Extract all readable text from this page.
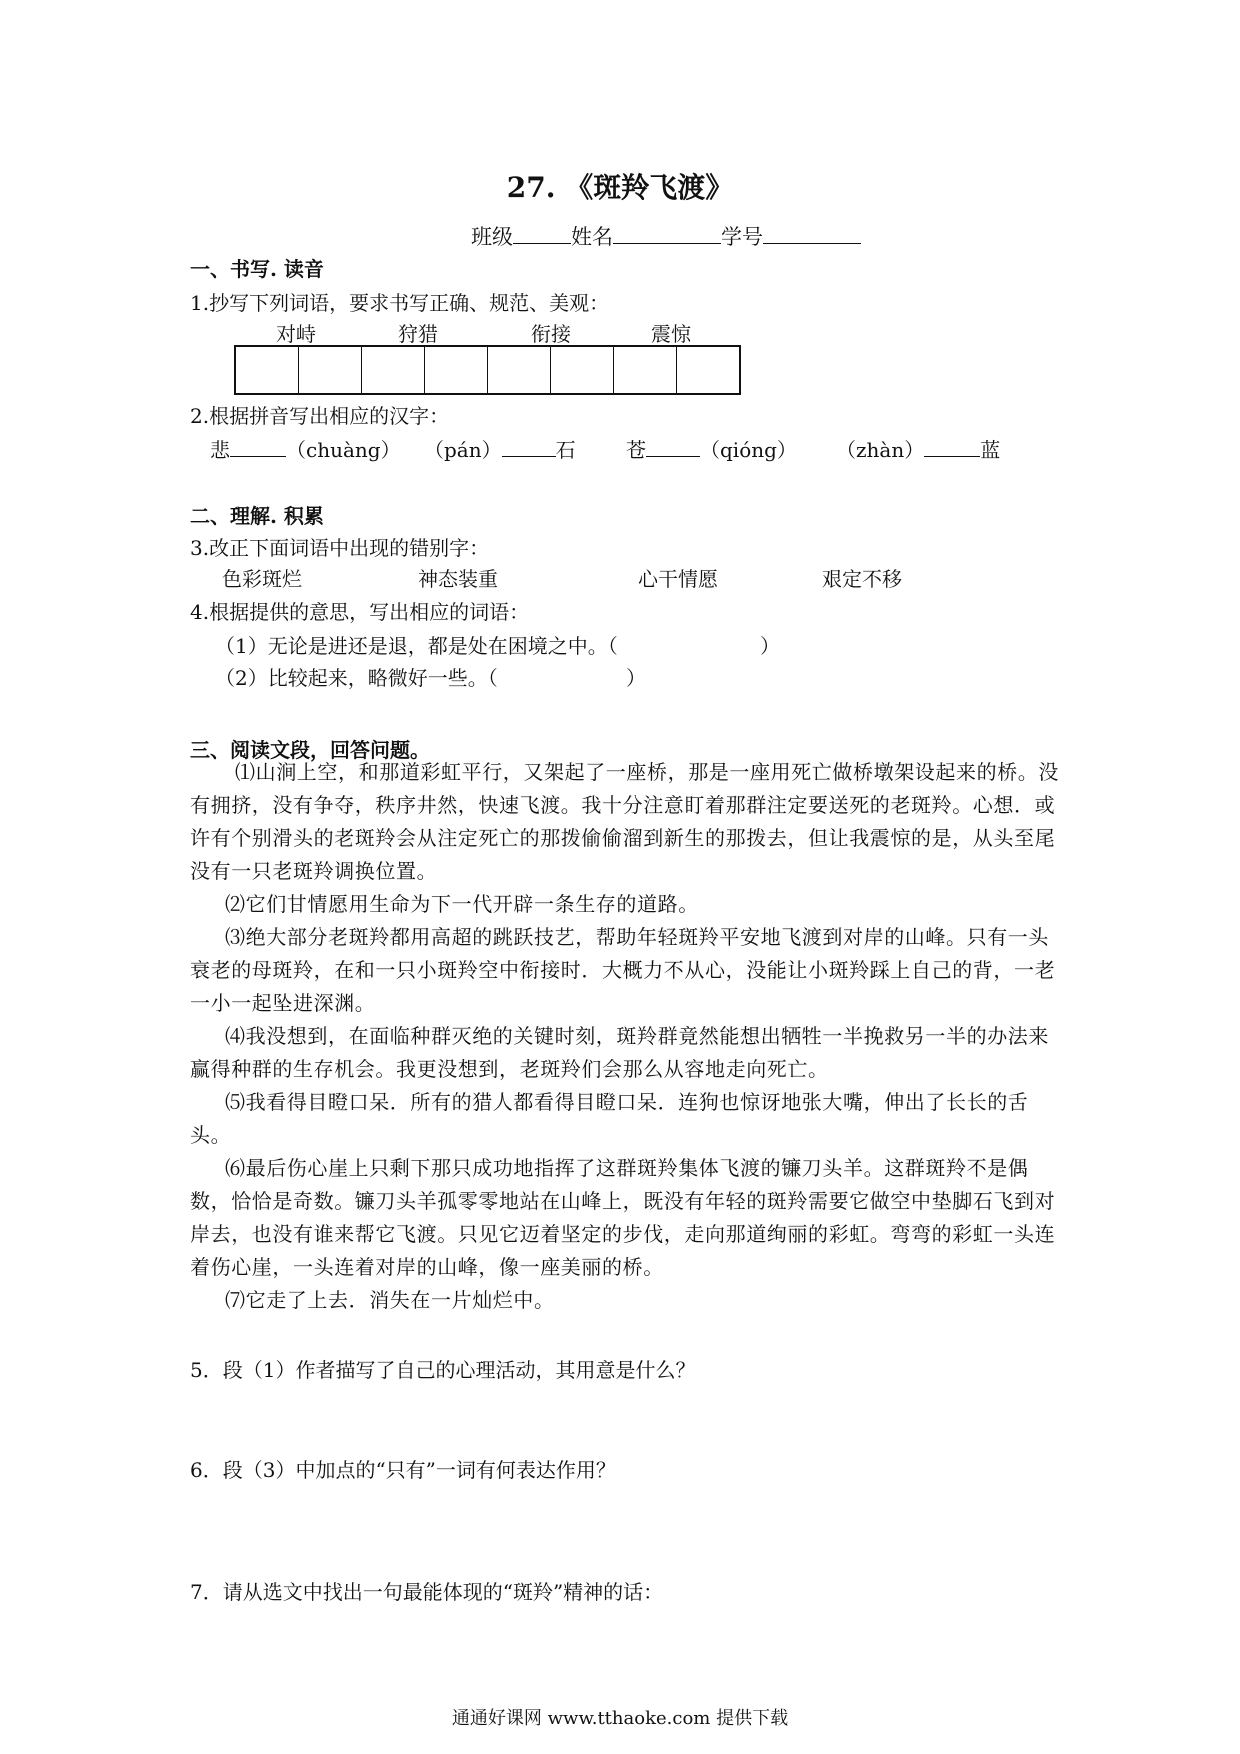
27. 《斑羚飞渡》
班级	姓名	学号
一、书写. 读音
1.抄写下列词语，要求书写正确、规范、美观：
对峙	狩猎	衔接	震惊
2.根据拼音写出相应的汉字：
悲	（chuàng） （pán）	石	苍	（qióng） （zhàn）	蓝
二、理解. 积累
3.改正下面词语中出现的错别字：
色彩斑烂	神态装重	心干情愿	艰定不移
4.根据提供的意思，写出相应的词语：
（1）无论是进还是退，都是处在困境之中。（	）
（2）比较起来，略微好一些。（	）
三、阅读文段，回答问题。
⑴山涧上空，和那道彩虹平行，又架起了一座桥，那是一座用死亡做桥墩架设起来的桥。没有拥挤，没有争夺，秩序井然，快速飞渡。我十分注意盯着那群注定要送死的老斑羚。心想．或许有个别滑头的老斑羚会从注定死亡的那拨偷偷溜到新生的那拨去，但让我震惊的是，从头至尾没有一只老斑羚调换位置。
⑵它们甘情愿用生命为下一代开辟一条生存的道路。
⑶绝大部分老斑羚都用高超的跳跃技艺，帮助年轻斑羚平安地飞渡到对岸的山峰。只有一头衰老的母斑羚，在和一只小斑羚空中衔接时．大概力不从心，没能让小斑羚踩上自己的背，一老一小一起坠进深渊。
⑷我没想到，在面临种群灭绝的关键时刻，斑羚群竟然能想出牺牲一半挽救另一半的办法来赢得种群的生存机会。我更没想到，老斑羚们会那么从容地走向死亡。
⑸我看得目瞪口呆．所有的猎人都看得目瞪口呆．连狗也惊讶地张大嘴，伸出了长长的舌头。
⑹最后伤心崖上只剩下那只成功地指挥了这群斑羚集体飞渡的镰刀头羊。这群斑羚不是偶数，恰恰是奇数。镰刀头羊孤零零地站在山峰上，既没有年轻的斑羚需要它做空中垫脚石飞到对岸去，也没有谁来帮它飞渡。只见它迈着坚定的步伐，走向那道绚丽的彩虹。弯弯的彩虹一头连着伤心崖，一头连着对岸的山峰，像一座美丽的桥。
⑺它走了上去．消失在一片灿烂中。
5．段（1）作者描写了自己的心理活动，其用意是什么？
6．段（3）中加点的“只有”一词有何表达作用？
7．请从选文中找出一句最能体现的“斑羚”精神的话：
通通好课网 www.tthaoke.com 提供下载
